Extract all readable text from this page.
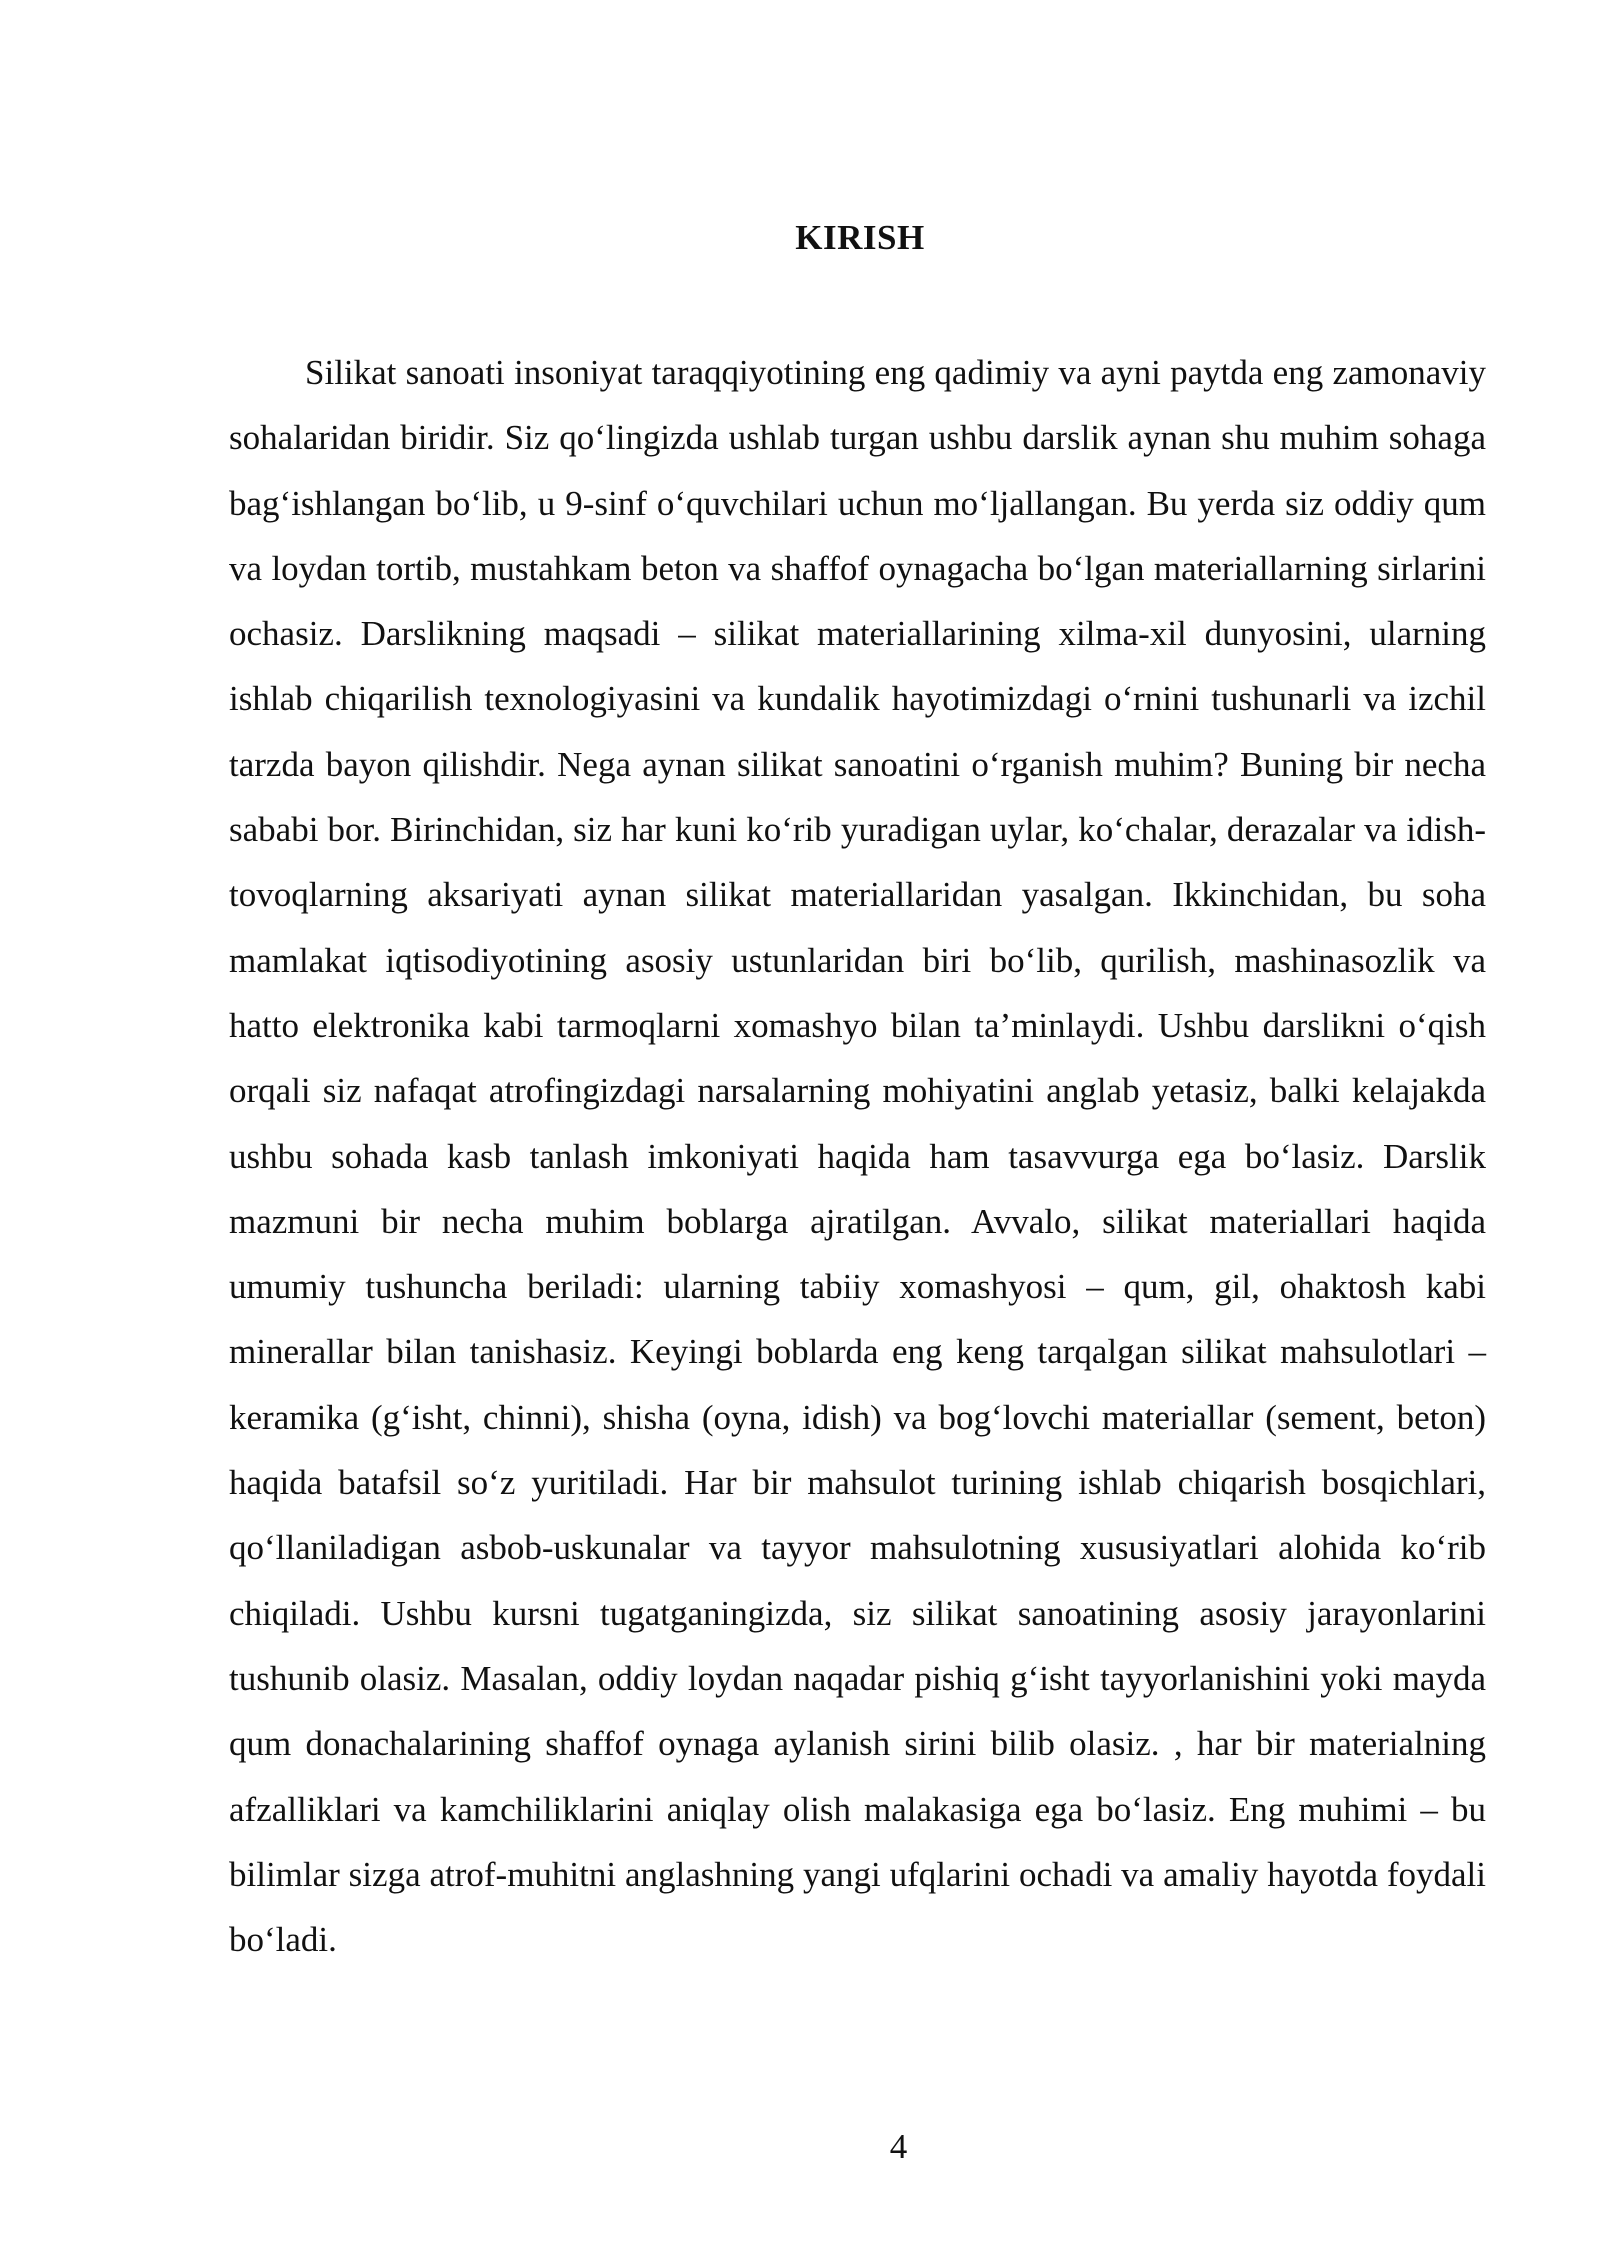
KIRISH

Silikat sanoati insoniyat taraqqiyotining eng qadimiy va ayni paytda eng zamonaviy sohalaridan biridir. Siz qo‘lingizda ushlab turgan ushbu darslik aynan shu muhim sohaga bag‘ishlangan bo‘lib, u 9-sinf o‘quvchilari uchun mo‘ljallangan. Bu yerda siz oddiy qum va loydan tortib, mustahkam beton va shaffof oynagacha bo‘lgan materiallarning sirlarini ochasiz. Darslikning maqsadi – silikat materiallarining xilma-xil dunyosini, ularning ishlab chiqarilish texnologiyasini va kundalik hayotimizdagi o‘rnini tushunarli va izchil tarzda bayon qilishdir. Nega aynan silikat sanoatini o‘rganish muhim? Buning bir necha sababi bor. Birinchidan, siz har kuni ko‘rib yuradigan uylar, ko‘chalar, derazalar va idish-tovoqlarning aksariyati aynan silikat materiallaridan yasalgan. Ikkinchidan, bu soha mamlakat iqtisodiyotining asosiy ustunlaridan biri bo‘lib, qurilish, mashinasozlik va hatto elektronika kabi tarmoqlarni xomashyo bilan ta’minlaydi. Ushbu darslikni o‘qish orqali siz nafaqat atrofingizdagi narsalarning mohiyatini anglab yetasiz, balki kelajakda ushbu sohada kasb tanlash imkoniyati haqida ham tasavvurga ega bo‘lasiz. Darslik mazmuni bir necha muhim boblarga ajratilgan. Avvalo, silikat materiallari haqida umumiy tushuncha beriladi: ularning tabiiy xomashyosi – qum, gil, ohaktosh kabi minerallar bilan tanishasiz. Keyingi boblarda eng keng tarqalgan silikat mahsulotlari – keramika (g‘isht, chinni), shisha (oyna, idish) va bog‘lovchi materiallar (sement, beton) haqida batafsil so‘z yuritiladi. Har bir mahsulot turining ishlab chiqarish bosqichlari, qo‘llaniladigan asbob-uskunalar va tayyor mahsulotning xususiyatlari alohida ko‘rib chiqiladi. Ushbu kursni tugatganingizda, siz silikat sanoatining asosiy jarayonlarini tushunib olasiz. Masalan, oddiy loydan naqadar pishiq g‘isht tayyorlanishini yoki mayda qum donachalarining shaffof oynaga aylanish sirini bilib olasiz. , har bir materialning afzalliklari va kamchiliklarini aniqlay olish malakasiga ega bo‘lasiz. Eng muhimi – bu bilimlar sizga atrof-muhitni anglashning yangi ufqlarini ochadi va amaliy hayotda foydali bo‘ladi.

4
